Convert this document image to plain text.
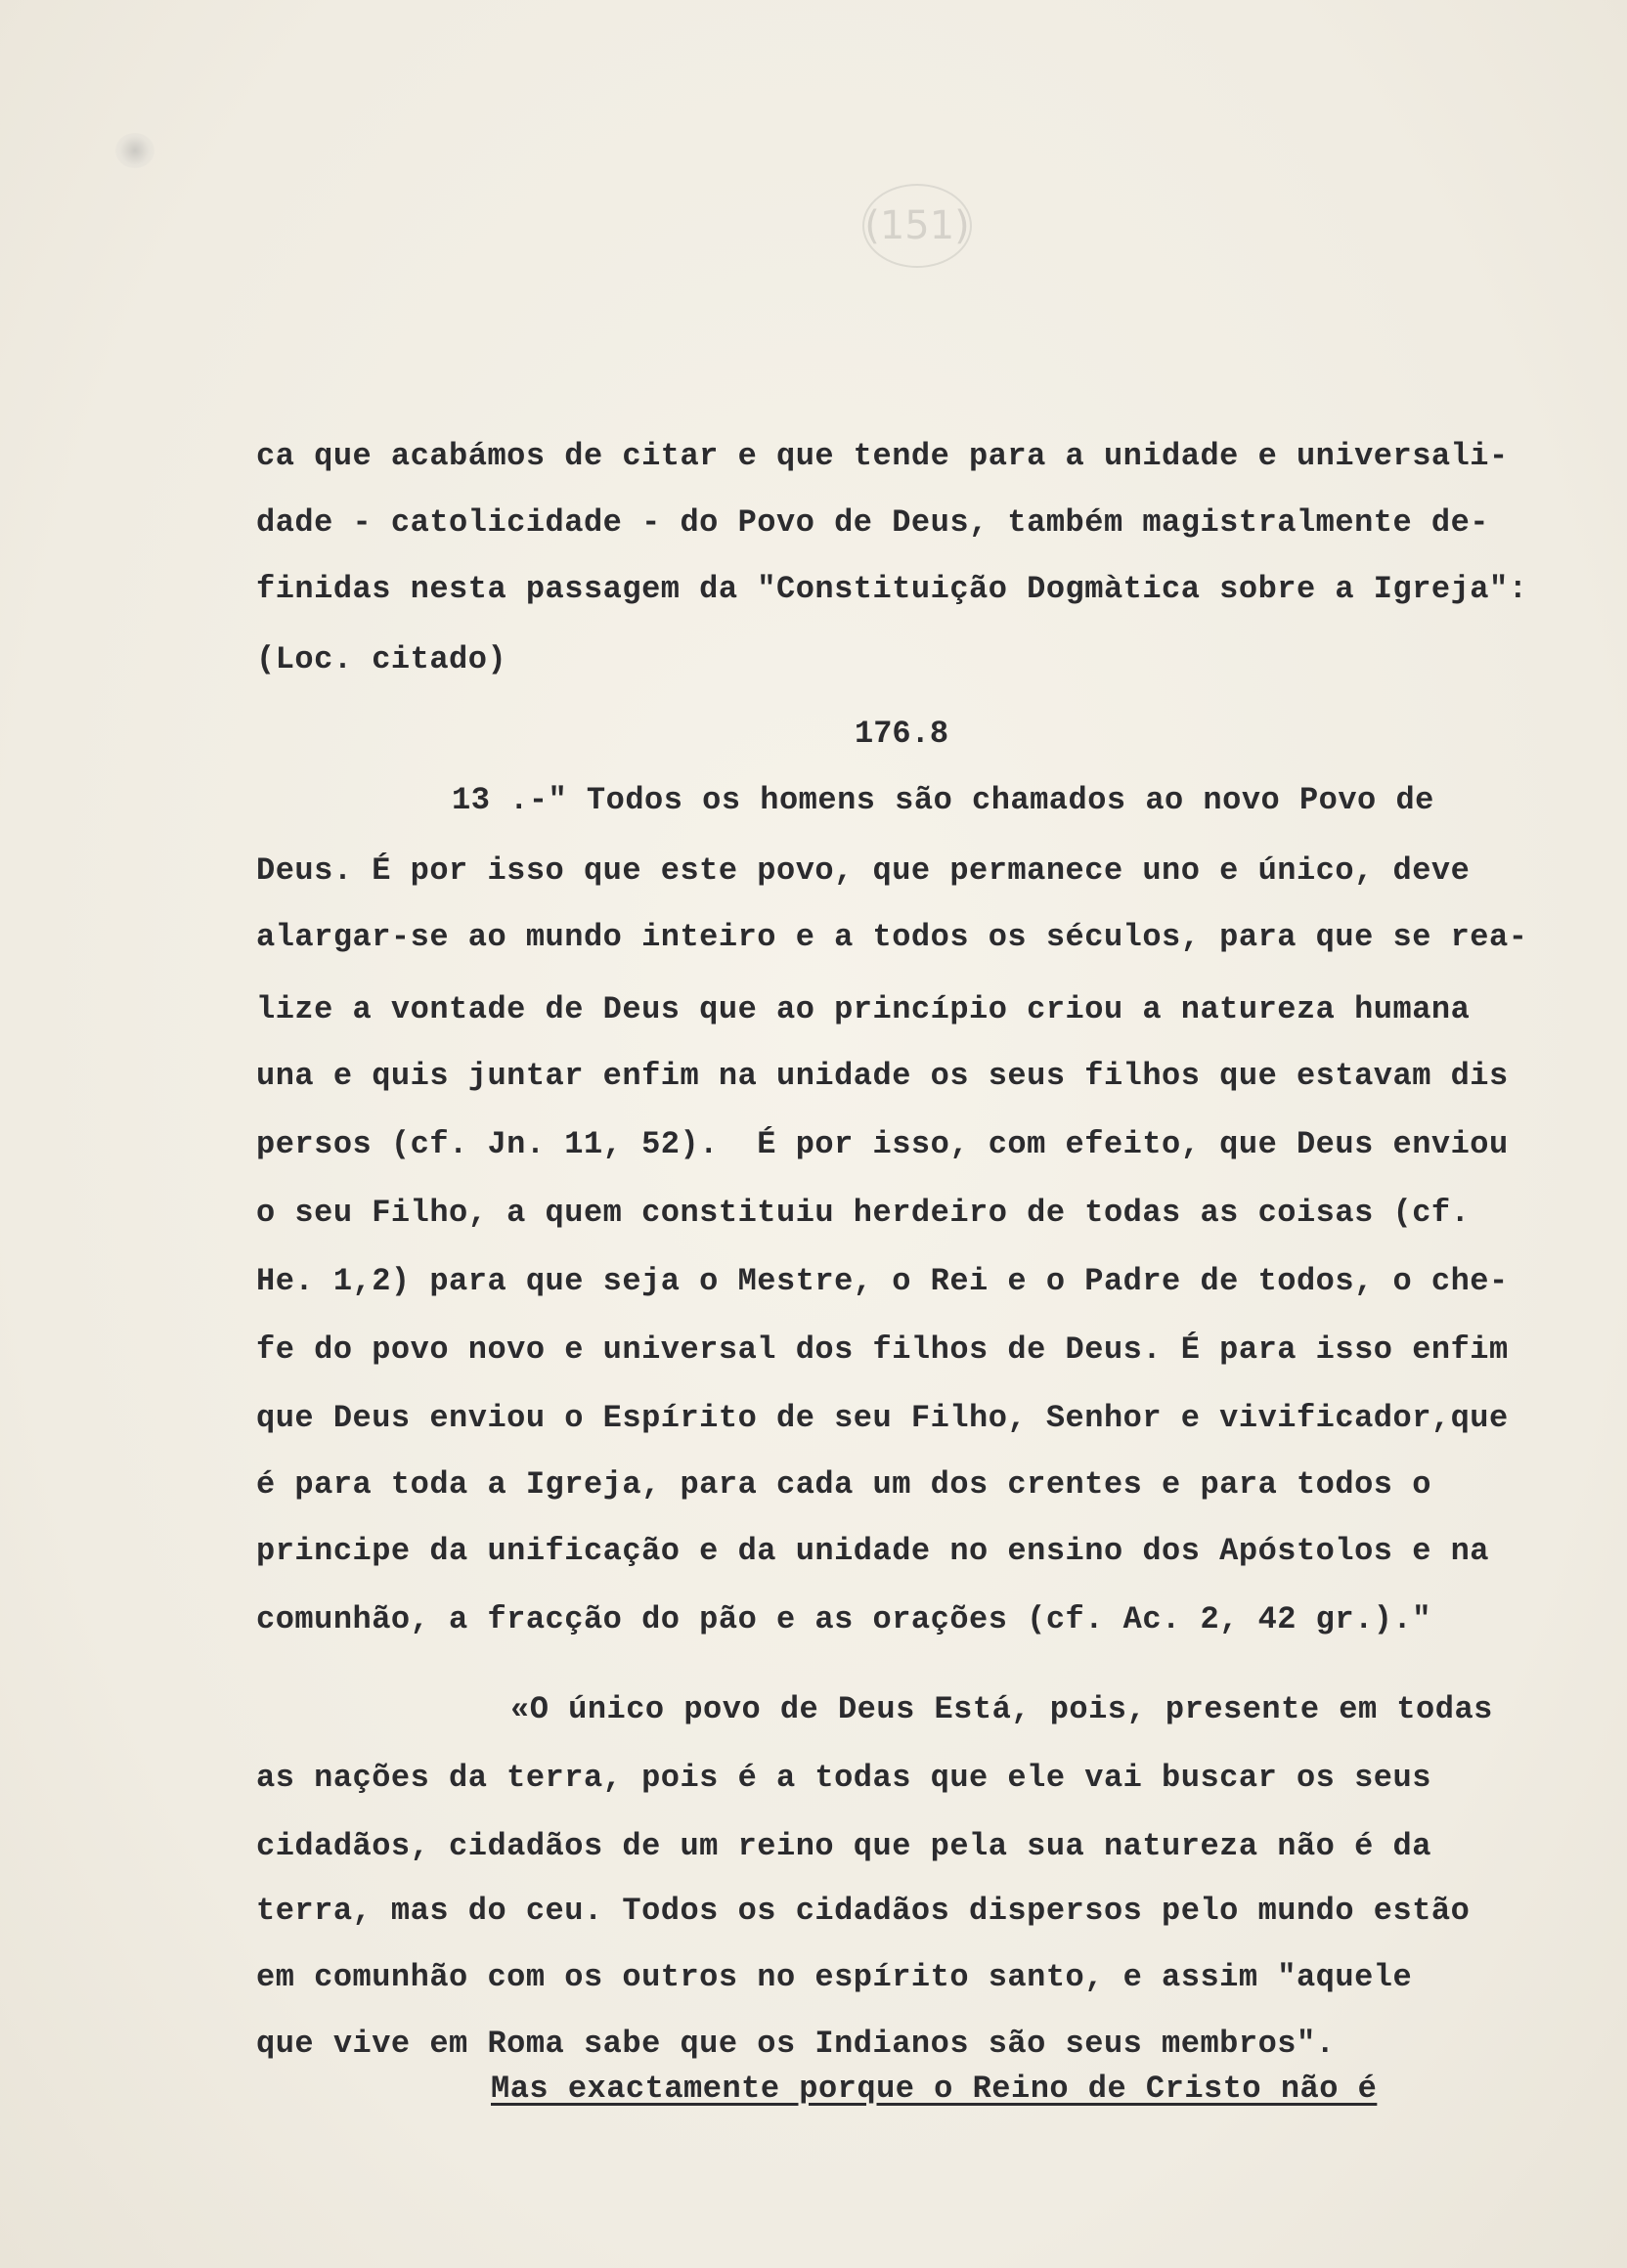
(151)
ca que acabámos de citar e que tende para a unidade e universali-
dade - catolicidade - do Povo de Deus, também magistralmente de-
finidas nesta passagem da "Constituição Dogmàtica sobre a Igreja":
(Loc. citado)
176.8
13 .-" Todos os homens são chamados ao novo Povo de
Deus. É por isso que este povo, que permanece uno e único, deve
alargar-se ao mundo inteiro e a todos os séculos, para que se rea-
lize a vontade de Deus que ao princípio criou a natureza humana
una e quis juntar enfim na unidade os seus filhos que estavam dis
persos (cf. Jn. 11, 52).  É por isso, com efeito, que Deus enviou
o seu Filho, a quem constituiu herdeiro de todas as coisas (cf.
He. 1,2) para que seja o Mestre, o Rei e o Padre de todos, o che-
fe do povo novo e universal dos filhos de Deus. É para isso enfim
que Deus enviou o Espírito de seu Filho, Senhor e vivificador,que
é para toda a Igreja, para cada um dos crentes e para todos o
principe da unificação e da unidade no ensino dos Apóstolos e na
comunhão, a fracção do pão e as orações (cf. Ac. 2, 42 gr.)."
«O único povo de Deus Está, pois, presente em todas
as nações da terra, pois é a todas que ele vai buscar os seus
cidadãos, cidadãos de um reino que pela sua natureza não é da
terra, mas do ceu. Todos os cidadãos dispersos pelo mundo estão
em comunhão com os outros no espírito santo, e assim "aquele
que vive em Roma sabe que os Indianos são seus membros".
Mas exactamente porque o Reino de Cristo não é
